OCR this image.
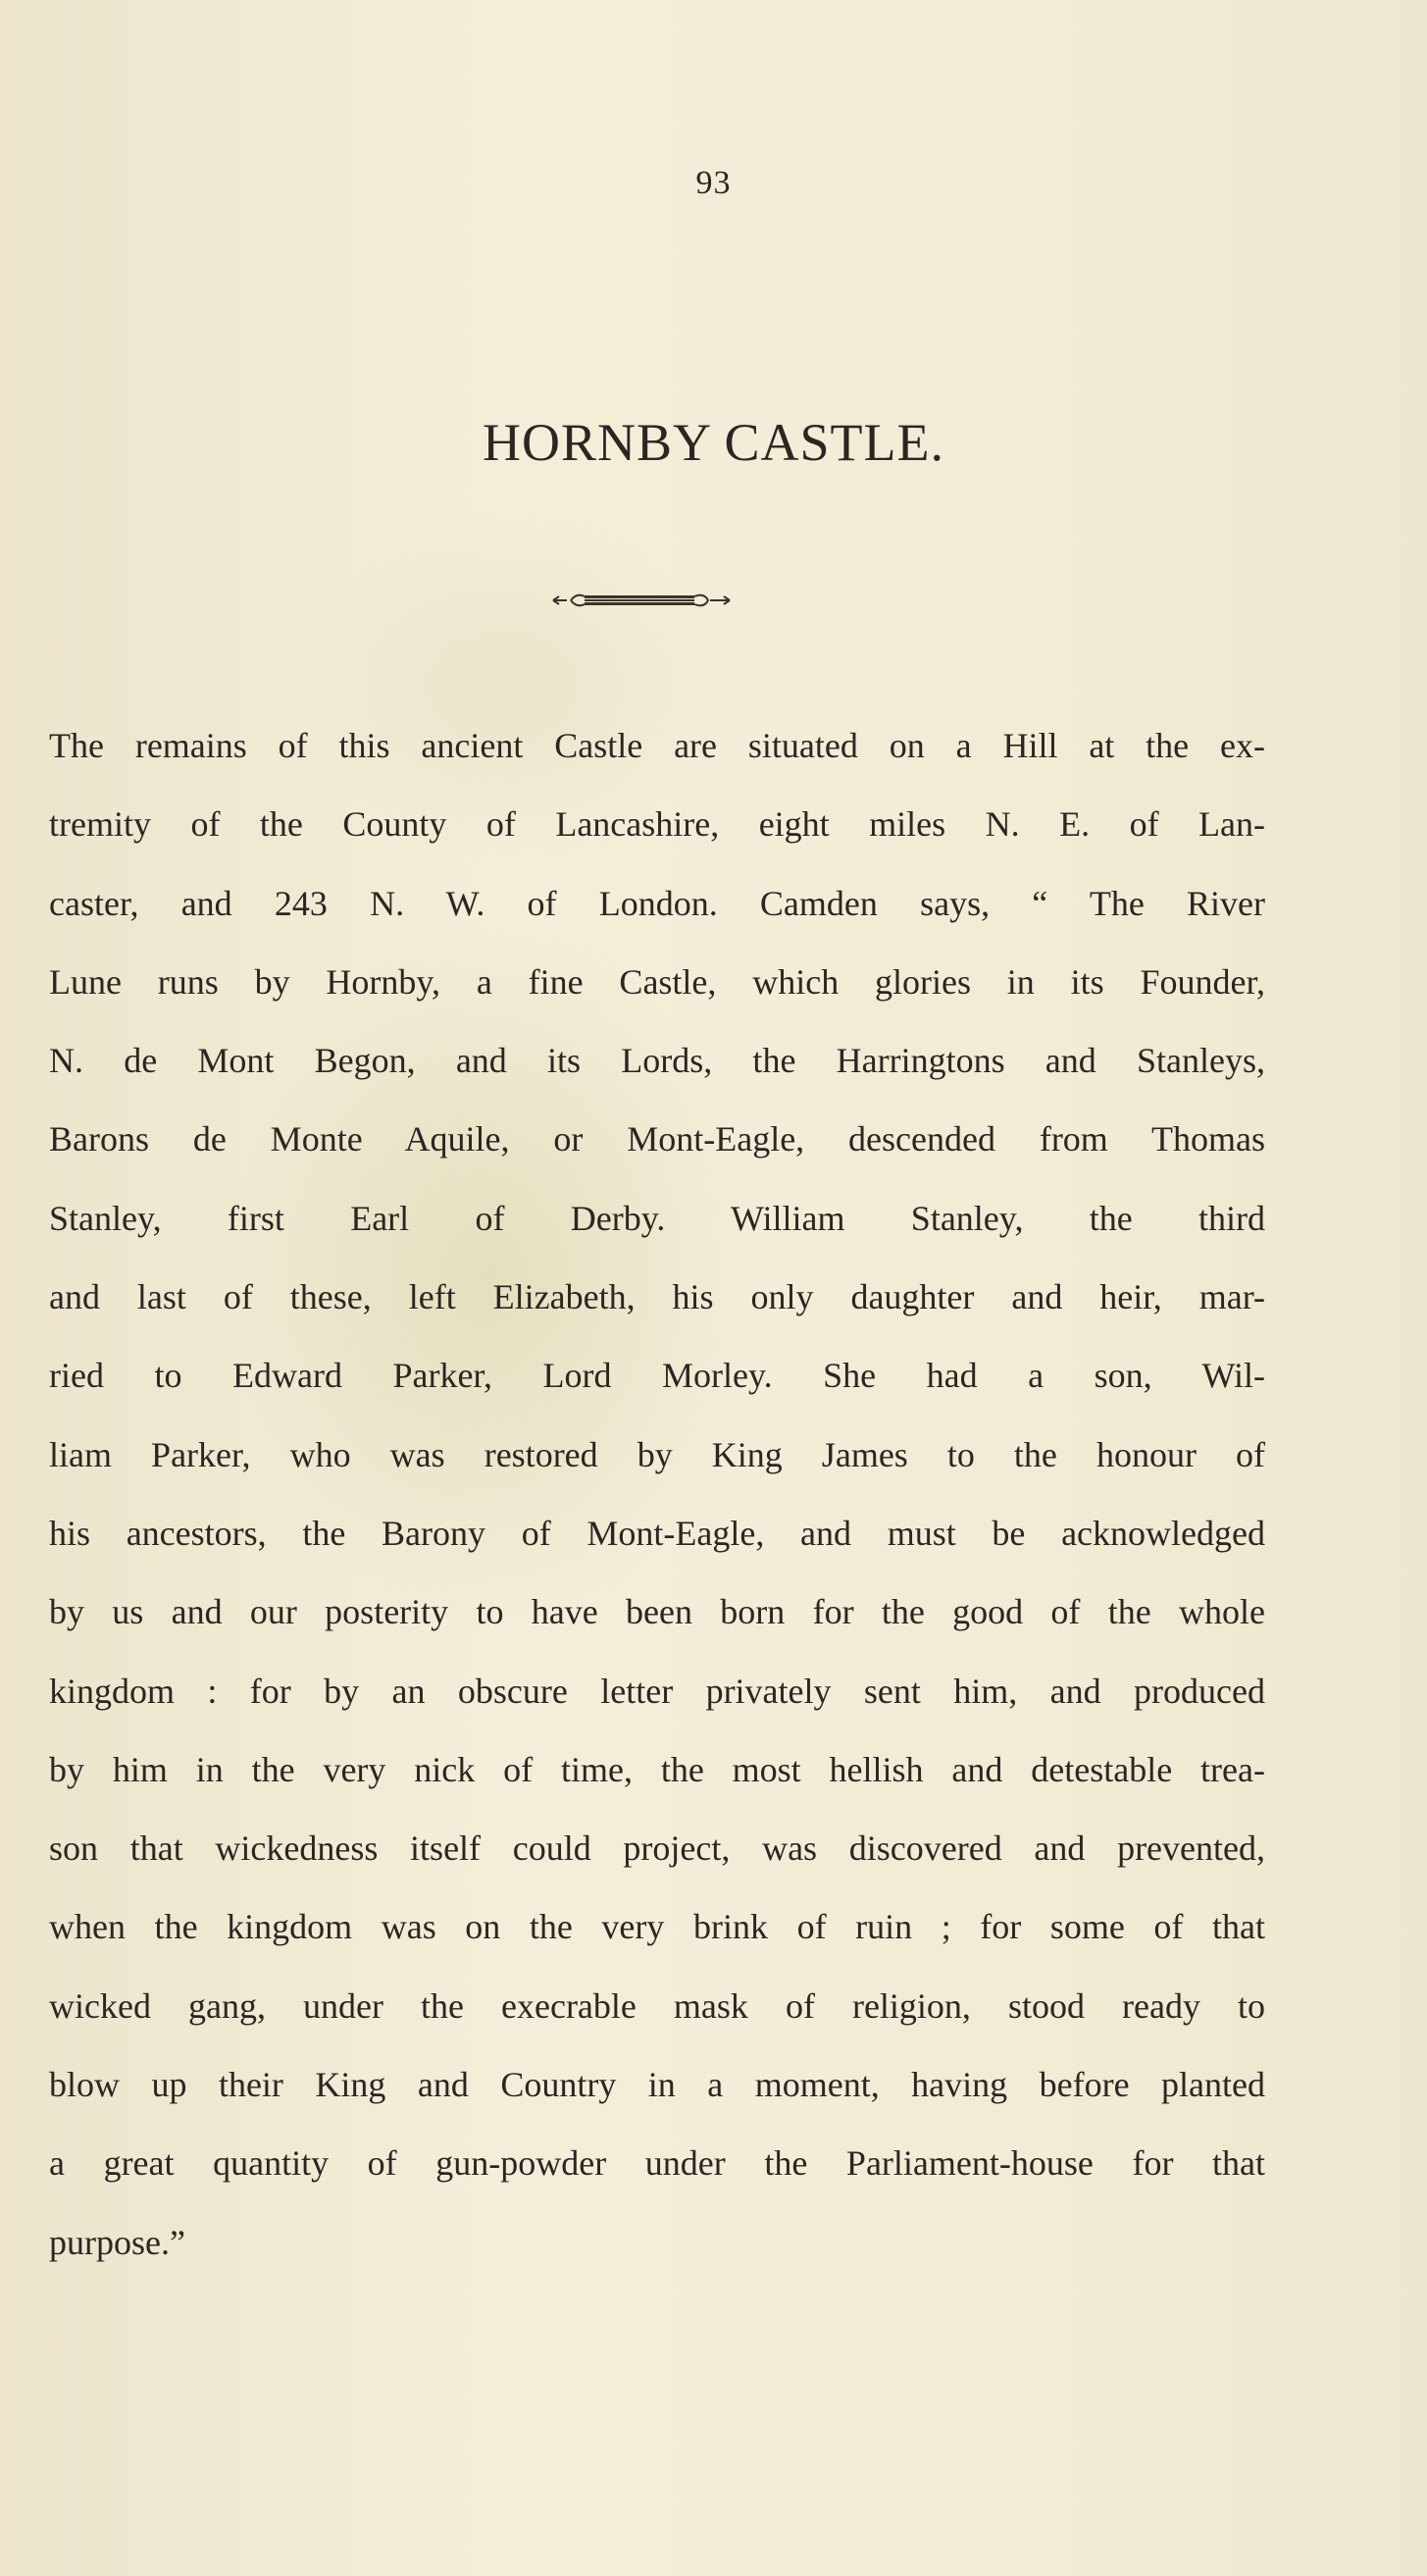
93
HORNBY CASTLE.
The remains of this ancient Castle are situated on a Hill at the ex-
tremity of the County of Lancashire, eight miles N. E. of Lan-
caster, and 243 N. W. of London. Camden says, “ The River
Lune runs by Hornby, a fine Castle, which glories in its Founder,
N. de Mont Begon, and its Lords, the Harringtons and Stanleys,
Barons de Monte Aquile, or Mont-Eagle, descended from Thomas
Stanley, first Earl of Derby. William Stanley, the third
and last of these, left Elizabeth, his only daughter and heir, mar-
ried to Edward Parker, Lord Morley. She had a son, Wil-
liam Parker, who was restored by King James to the honour of
his ancestors, the Barony of Mont-Eagle, and must be acknowledged
by us and our posterity to have been born for the good of the whole
kingdom : for by an obscure letter privately sent him, and produced
by him in the very nick of time, the most hellish and detestable trea-
son that wickedness itself could project, was discovered and prevented,
when the kingdom was on the very brink of ruin ; for some of that
wicked gang, under the execrable mask of religion, stood ready to
blow up their King and Country in a moment, having before planted
a great quantity of gun-powder under the Parliament-house for that
purpose.”
